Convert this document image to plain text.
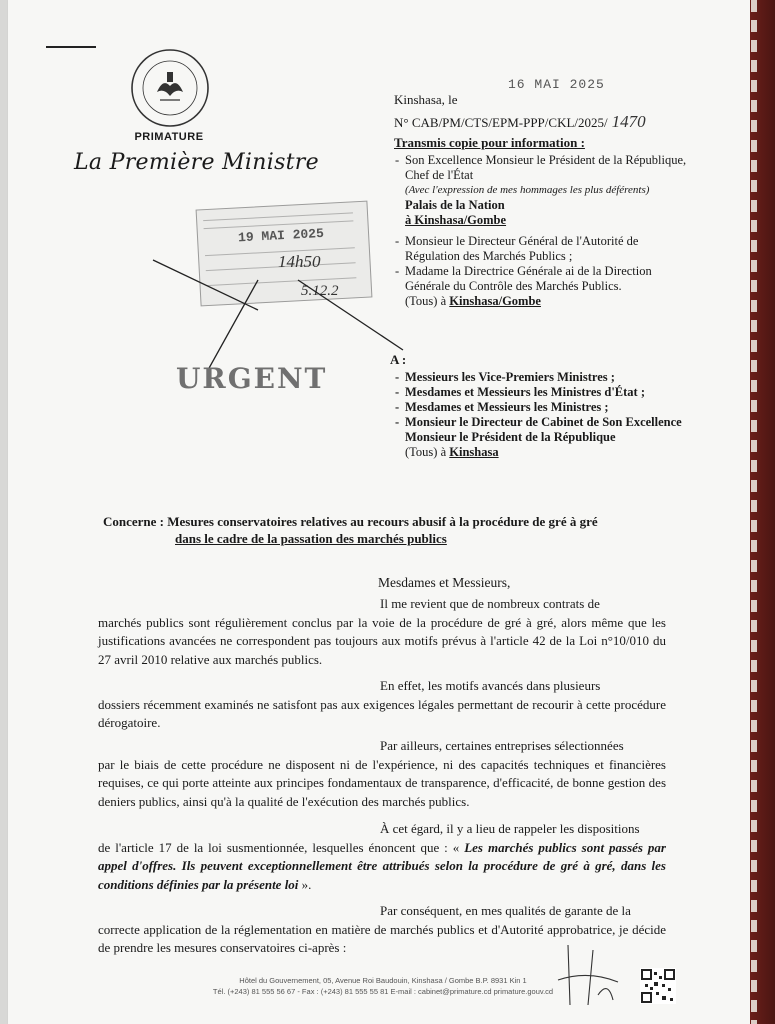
PRIMATURE
La Première Ministre
16 MAI 2025
Kinshasa, le
N° CAB/PM/CTS/EPM-PPP/CKL/2025/ 1470
Transmis copie pour information :
- Son Excellence Monsieur le Président de la République, Chef de l'État
(Avec l'expression de mes hommages les plus déférents)
Palais de la Nation
à Kinshasa/Gombe
- Monsieur le Directeur Général de l'Autorité de Régulation des Marchés Publics ;
- Madame la Directrice Générale ai de la Direction Générale du Contrôle des Marchés Publics.
(Tous) à Kinshasa/Gombe
19 MAI 2025
14h50
5.12.2
URGENT
A :
- Messieurs les Vice-Premiers Ministres ;
- Mesdames et Messieurs les Ministres d'État ;
- Mesdames et Messieurs les Ministres ;
- Monsieur le Directeur de Cabinet de Son Excellence Monsieur le Président de la République
(Tous) à Kinshasa
Concerne : Mesures conservatoires relatives au recours abusif à la procédure de gré à gré
dans le cadre de la passation des marchés publics
Mesdames et Messieurs,
Il me revient que de nombreux contrats de
marchés publics sont régulièrement conclus par la voie de la procédure de gré à gré, alors même que les justifications avancées ne correspondent pas toujours aux motifs prévus à l'article 42 de la Loi n°10/010 du 27 avril 2010 relative aux marchés publics.
En effet, les motifs avancés dans plusieurs
dossiers récemment examinés ne satisfont pas aux exigences légales permettant de recourir à cette procédure dérogatoire.
Par ailleurs, certaines entreprises sélectionnées
par le biais de cette procédure ne disposent ni de l'expérience, ni des capacités techniques et financières requises, ce qui porte atteinte aux principes fondamentaux de transparence, d'efficacité, de bonne gestion des deniers publics, ainsi qu'à la qualité de l'exécution des marchés publics.
À cet égard, il y a lieu de rappeler les dispositions
de l'article 17 de la loi susmentionnée, lesquelles énoncent que : « Les marchés publics sont passés par appel d'offres. Ils peuvent exceptionnellement être attribués selon la procédure de gré à gré, dans les conditions définies par la présente loi ».
Par conséquent, en mes qualités de garante de la
correcte application de la réglementation en matière de marchés publics et d'Autorité approbatrice, je décide de prendre les mesures conservatoires ci-après :
Hôtel du Gouvernement, 05, Avenue Roi Baudouin, Kinshasa / Gombe B.P. 8931 Kin 1
Tél. (+243) 81 555 56 67 - Fax : (+243) 81 555 55 81 E-mail : cabinet@primature.cd primature.gouv.cd
